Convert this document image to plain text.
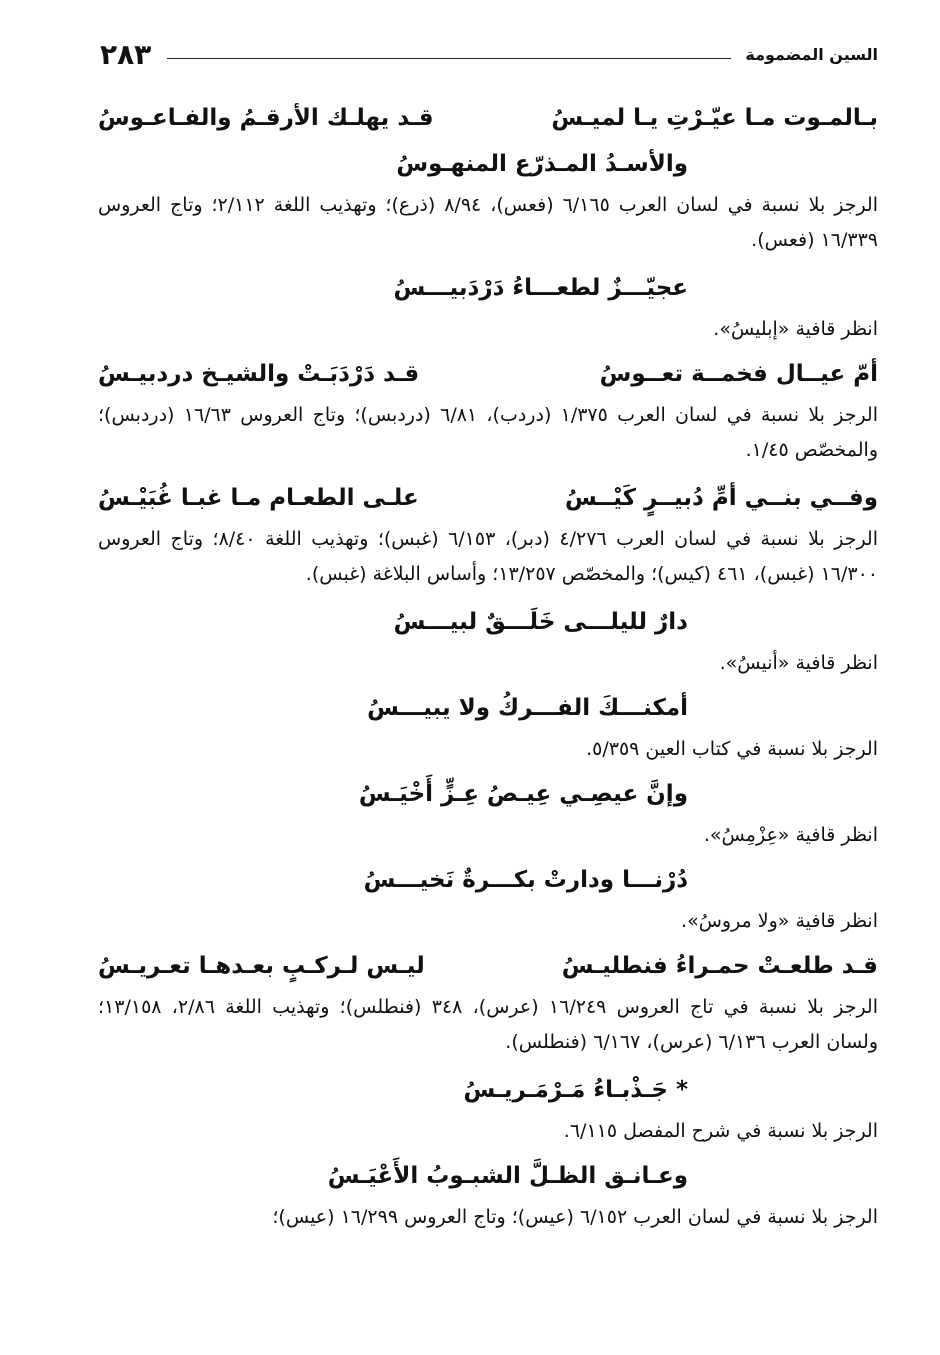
السين المضمومة
٢٨٣
بـالمـوت مـا عيّـرْتِ يـا لميـسُ
قـد يهلـك الأرقـمُ والفـاعـوسُ
والأسـدُ المـذرّع المنهـوسُ
الرجز بلا نسبة في لسان العرب ٦/١٦٥ (فعس)، ٨/٩٤ (ذرع)؛ وتهذيب اللغة ٢/١١٢؛ وتاج العروس ١٦/٣٣٩ (فعس).
عجيّـــزٌ لطعـــاءُ دَرْدَبيـــسُ
انظر قافية «إبليسُ».
أمّ عيــال فخمــة تعــوسُ
قـد دَرْدَبَـتْ والشيـخ دردبيـسُ
الرجز بلا نسبة في لسان العرب ١/٣٧٥ (دردب)، ٦/٨١ (دردبس)؛ وتاج العروس ١٦/٦٣ (دردبس)؛ والمخصّص ١/٤٥.
وفــي بنــي أمِّ دُبيــرٍ كَيْــسُ
علـى الطعـام مـا غبـا غُبَيْـسُ
الرجز بلا نسبة في لسان العرب ٤/٢٧٦ (دبر)، ٦/١٥٣ (غبس)؛ وتهذيب اللغة ٨/٤٠؛ وتاج العروس ١٦/٣٠٠ (غبس)، ٤٦١ (كيس)؛ والمخصّص ١٣/٢٥٧؛ وأساس البلاغة (غبس).
دارٌ لليلـــى خَلَـــقٌ لبيـــسُ
انظر قافية «أنيسُ».
أمكنـــكَ الفـــركُ ولا يبيـــسُ
الرجز بلا نسبة في كتاب العين ٥/٣٥٩.
وإنَّ عيصِـي عِيـصُ عِـزٍّ أَخْيَـسُ
انظر قافية «عِزْمِسُ».
دُرْنـــا ودارتْ بكـــرةٌ نَخيـــسُ
انظر قافية «ولا مروسُ».
قـد طلعـتْ حمـراءُ فنطليـسُ
ليـس لـركـبٍ بعـدهـا تعـريـسُ
الرجز بلا نسبة في تاج العروس ١٦/٢٤٩ (عرس)، ٣٤٨ (فنطلس)؛ وتهذيب اللغة ٢/٨٦، ١٣/١٥٨؛ ولسان العرب ٦/١٣٦ (عرس)، ٦/١٦٧ (فنطلس).
* جَـذْبـاءُ مَـرْمَـريـسُ
الرجز بلا نسبة في شرح المفصل ٦/١١٥.
وعـانـق الظـلَّ الشبـوبُ الأَعْيَـسُ
الرجز بلا نسبة في لسان العرب ٦/١٥٢ (عيس)؛ وتاج العروس ١٦/٢٩٩ (عيس)؛
